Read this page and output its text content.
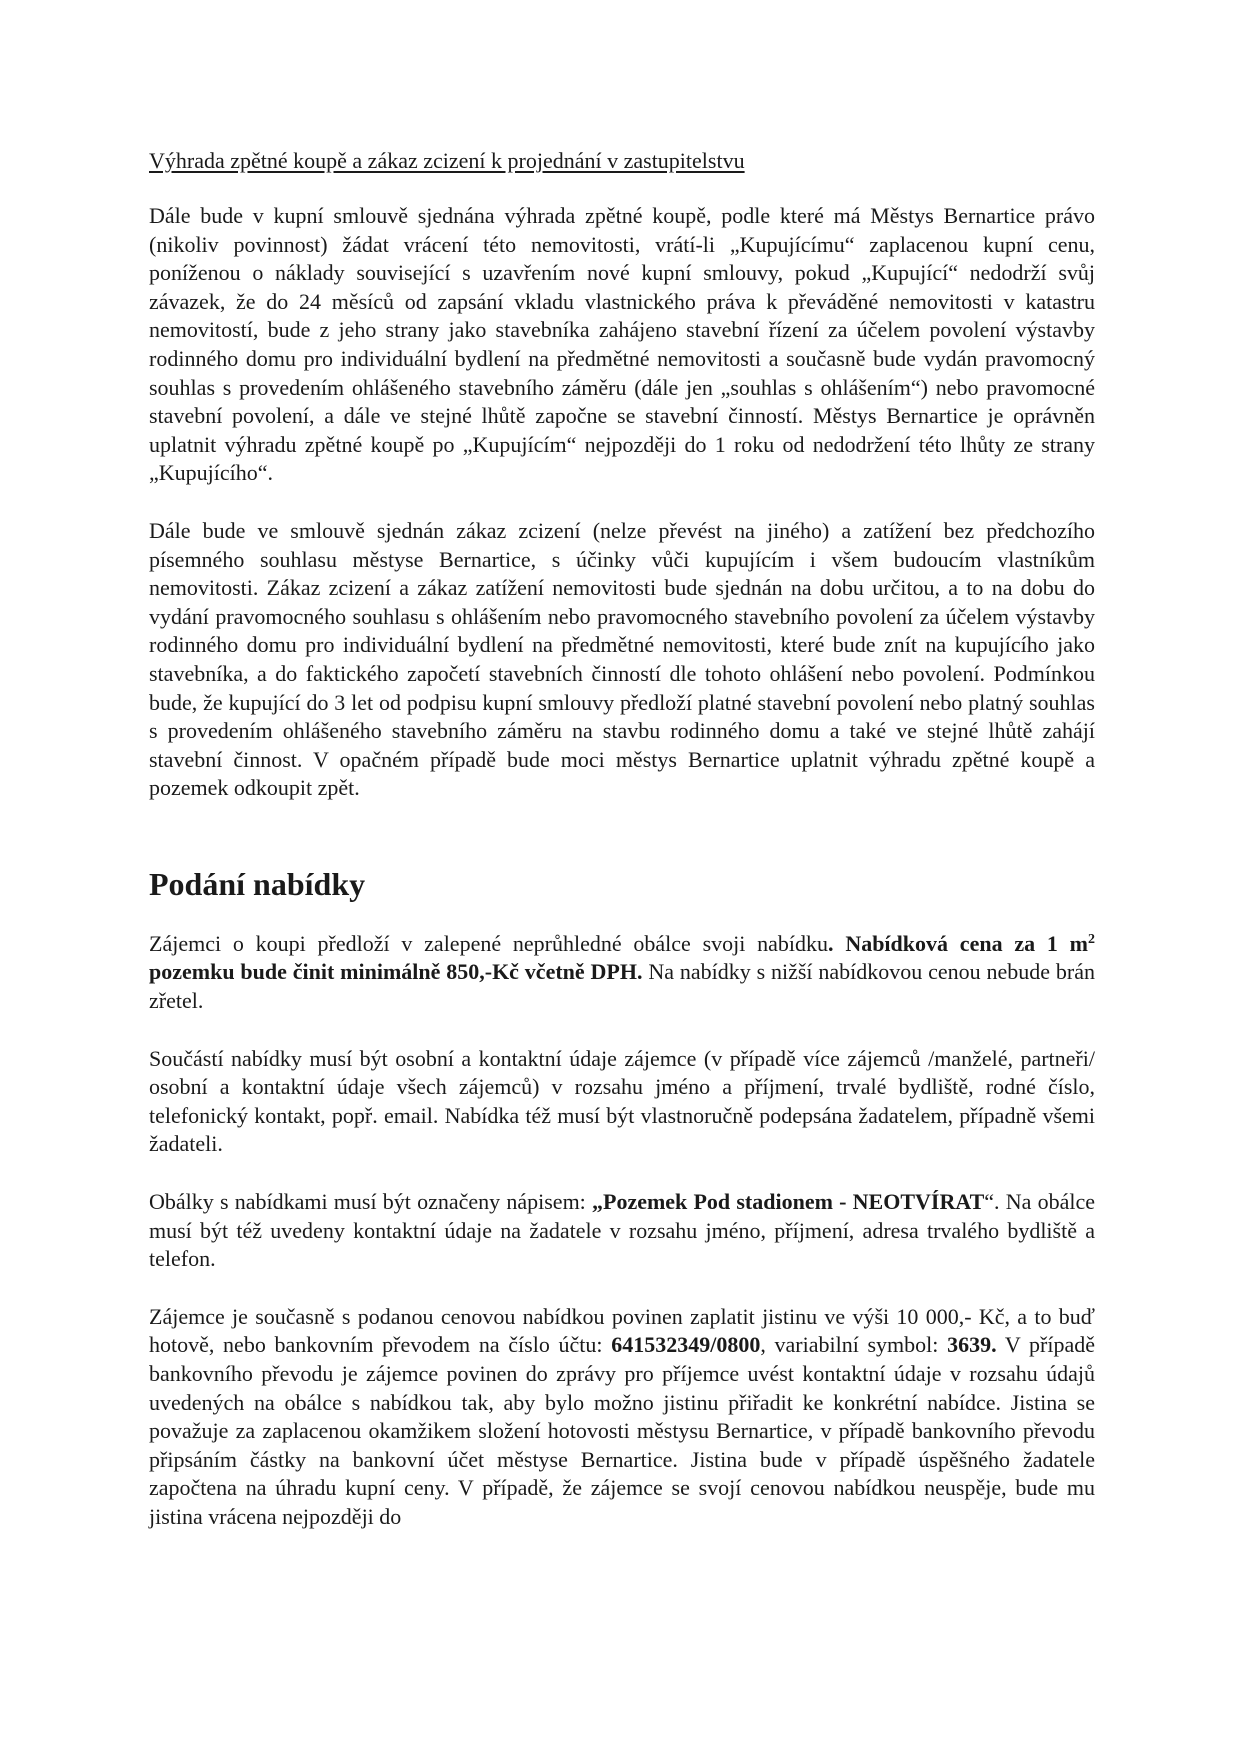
Výhrada zpětné koupě a zákaz zcizení k projednání v zastupitelstvu

Dále bude v kupní smlouvě sjednána výhrada zpětné koupě, podle které má Městys Bernartice právo (nikoliv povinnost) žádat vrácení této nemovitosti, vrátí-li „Kupujícímu“ zaplacenou kupní cenu, poníženou o náklady související s uzavřením nové kupní smlouvy, pokud „Kupující“ nedodrží svůj závazek, že do 24 měsíců od zapsání vkladu vlastnického práva k převáděné nemovitosti v katastru nemovitostí, bude z jeho strany jako stavebníka zahájeno stavební řízení za účelem povolení výstavby rodinného domu pro individuální bydlení na předmětné nemovitosti a současně bude vydán pravomocný souhlas s provedením ohlášeného stavebního záměru (dále jen „souhlas s ohlášením“) nebo pravomocné stavební povolení, a dále ve stejné lhůtě započne se stavební činností. Městys Bernartice je oprávněn uplatnit výhradu zpětné koupě po „Kupujícím“ nejpozději do 1 roku od nedodržení této lhůty ze strany „Kupujícího“.

Dále bude ve smlouvě sjednán zákaz zcizení (nelze převést na jiného) a zatížení bez předchozího písemného souhlasu městyse Bernartice, s účinky vůči kupujícím i všem budoucím vlastníkům nemovitosti. Zákaz zcizení a zákaz zatížení nemovitosti bude sjednán na dobu určitou, a to na dobu do vydání pravomocného souhlasu s ohlášením nebo pravomocného stavebního povolení za účelem výstavby rodinného domu pro individuální bydlení na předmětné nemovitosti, které bude znít na kupujícího jako stavebníka, a do faktického započetí stavebních činností dle tohoto ohlášení nebo povolení. Podmínkou bude, že kupující do 3 let od podpisu kupní smlouvy předloží platné stavební povolení nebo platný souhlas s provedením ohlášeného stavebního záměru na stavbu rodinného domu a také ve stejné lhůtě zahájí stavební činnost. V opačném případě bude moci městys Bernartice uplatnit výhradu zpětné koupě a pozemek odkoupit zpět.

Podání nabídky

Zájemci o koupi předloží v zalepené neprůhledné obálce svoji nabídku. Nabídková cena za 1 $m^2$ pozemku bude činit minimálně 850,-Kč včetně DPH. Na nabídky s nižší nabídkovou cenou nebude brán zřetel.

Součástí nabídky musí být osobní a kontaktní údaje zájemce (v případě více zájemců /manželé, partneři/ osobní a kontaktní údaje všech zájemců) v rozsahu jméno a příjmení, trvalé bydliště, rodné číslo, telefonický kontakt, popř. email. Nabídka též musí být vlastnoručně podepsána žadatelem, případně všemi žadateli.

Obálky s nabídkami musí být označeny nápisem: „Pozemek Pod stadionem - NEOTVÍRAT“. Na obálce musí být též uvedeny kontaktní údaje na žadatele v rozsahu jméno, příjmení, adresa trvalého bydliště a telefon.

Zájemce je současně s podanou cenovou nabídkou povinen zaplatit jistinu ve výši 10 000,- Kč, a to buď hotově, nebo bankovním převodem na číslo účtu: 641532349/0800, variabilní symbol: 3639. V případě bankovního převodu je zájemce povinen do zprávy pro příjemce uvést kontaktní údaje v rozsahu údajů uvedených na obálce s nabídkou tak, aby bylo možno jistinu přiřadit ke konkrétní nabídce. Jistina se považuje za zaplacenou okamžikem složení hotovosti městysu Bernartice, v případě bankovního převodu připsáním částky na bankovní účet městyse Bernartice. Jistina bude v případě úspěšného žadatele započtena na úhradu kupní ceny. V případě, že zájemce se svojí cenovou nabídkou neuspěje, bude mu jistina vrácena nejpozději do
